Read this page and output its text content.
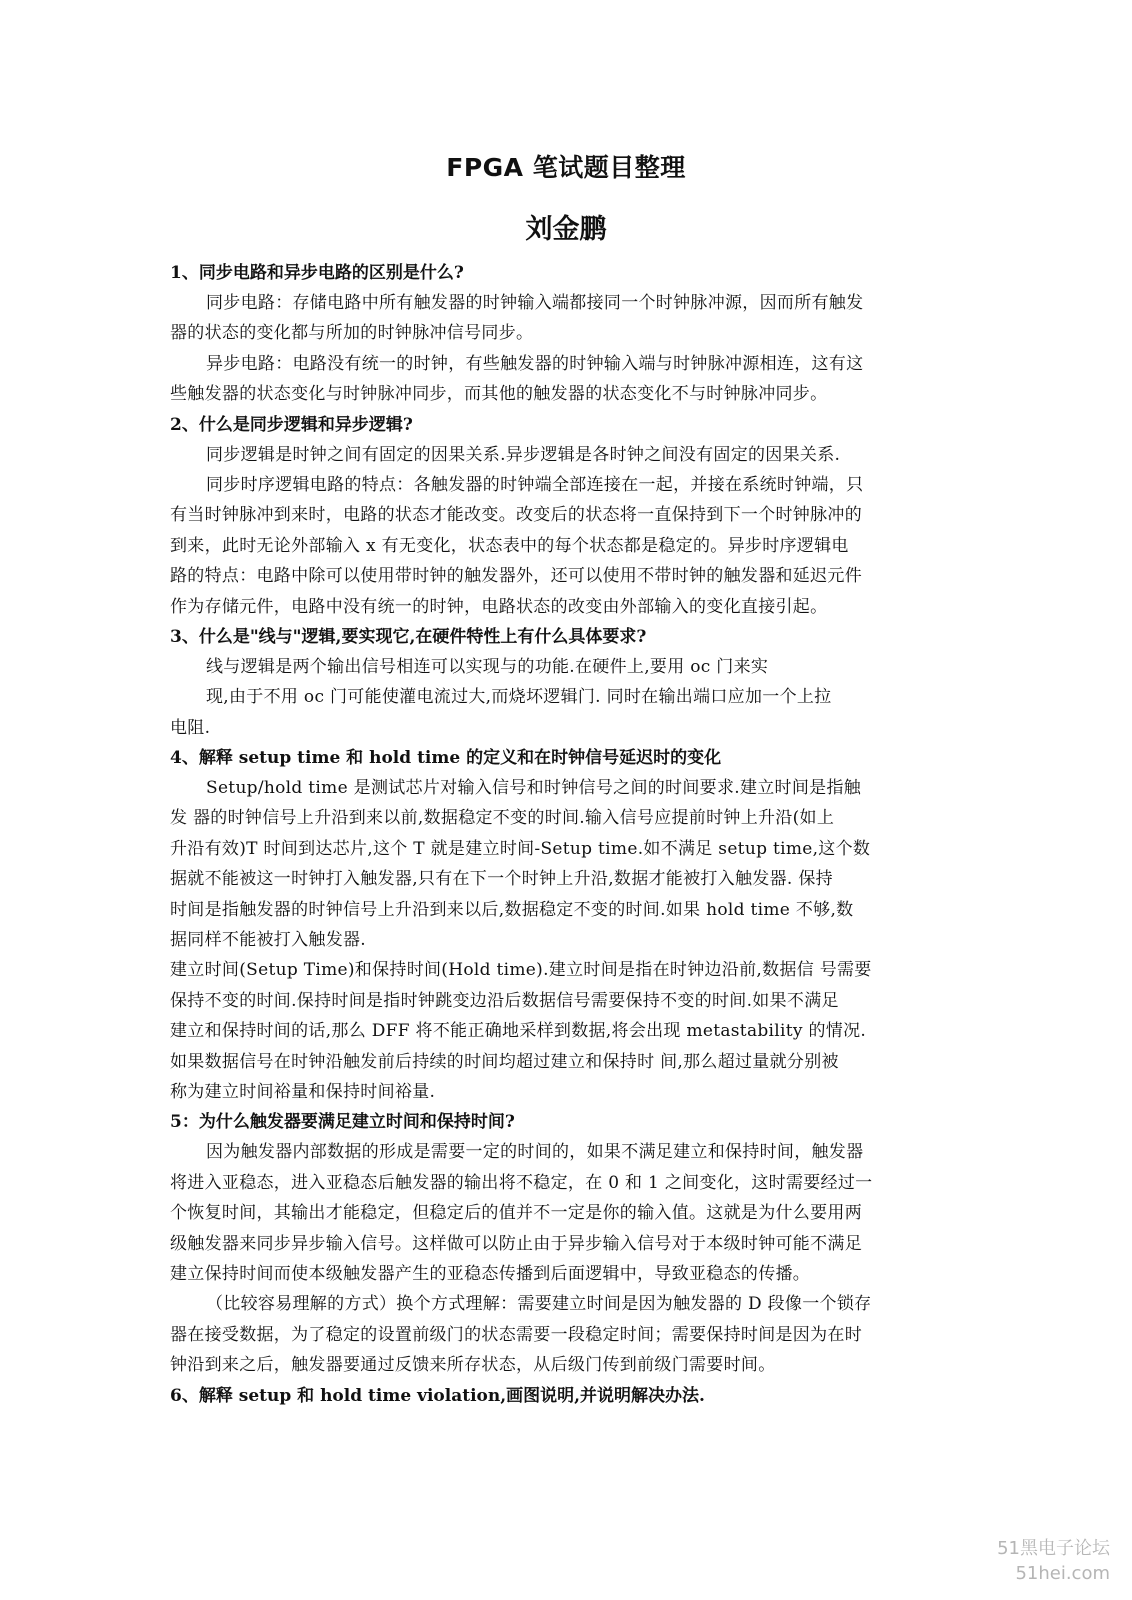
FPGA 笔试题目整理
刘金鹏
1、同步电路和异步电路的区别是什么?
同步电路：存储电路中所有触发器的时钟输入端都接同一个时钟脉冲源，因而所有触发
器的状态的变化都与所加的时钟脉冲信号同步。
异步电路：电路没有统一的时钟，有些触发器的时钟输入端与时钟脉冲源相连，这有这
些触发器的状态变化与时钟脉冲同步，而其他的触发器的状态变化不与时钟脉冲同步。
2、什么是同步逻辑和异步逻辑?
同步逻辑是时钟之间有固定的因果关系.异步逻辑是各时钟之间没有固定的因果关系.
同步时序逻辑电路的特点：各触发器的时钟端全部连接在一起，并接在系统时钟端，只
有当时钟脉冲到来时，电路的状态才能改变。改变后的状态将一直保持到下一个时钟脉冲的
到来，此时无论外部输入 x 有无变化，状态表中的每个状态都是稳定的。异步时序逻辑电
路的特点：电路中除可以使用带时钟的触发器外，还可以使用不带时钟的触发器和延迟元件
作为存储元件，电路中没有统一的时钟，电路状态的改变由外部输入的变化直接引起。
3、什么是"线与"逻辑,要实现它,在硬件特性上有什么具体要求?
线与逻辑是两个输出信号相连可以实现与的功能.在硬件上,要用 oc 门来实
现,由于不用 oc 门可能使灌电流过大,而烧坏逻辑门. 同时在输出端口应加一个上拉
电阻.
4、解释 setup time 和 hold time 的定义和在时钟信号延迟时的变化
Setup/hold time 是测试芯片对输入信号和时钟信号之间的时间要求.建立时间是指触
发 器的时钟信号上升沿到来以前,数据稳定不变的时间.输入信号应提前时钟上升沿(如上
升沿有效)T 时间到达芯片,这个 T 就是建立时间-Setup time.如不满足 setup time,这个数
据就不能被这一时钟打入触发器,只有在下一个时钟上升沿,数据才能被打入触发器. 保持
时间是指触发器的时钟信号上升沿到来以后,数据稳定不变的时间.如果 hold time 不够,数
据同样不能被打入触发器.
建立时间(Setup Time)和保持时间(Hold time).建立时间是指在时钟边沿前,数据信 号需要
保持不变的时间.保持时间是指时钟跳变边沿后数据信号需要保持不变的时间.如果不满足
建立和保持时间的话,那么 DFF 将不能正确地采样到数据,将会出现 metastability 的情况.
如果数据信号在时钟沿触发前后持续的时间均超过建立和保持时 间,那么超过量就分别被
称为建立时间裕量和保持时间裕量.
5：为什么触发器要满足建立时间和保持时间?
因为触发器内部数据的形成是需要一定的时间的，如果不满足建立和保持时间，触发器
将进入亚稳态，进入亚稳态后触发器的输出将不稳定，在 0 和 1 之间变化，这时需要经过一
个恢复时间，其输出才能稳定，但稳定后的值并不一定是你的输入值。这就是为什么要用两
级触发器来同步异步输入信号。这样做可以防止由于异步输入信号对于本级时钟可能不满足
建立保持时间而使本级触发器产生的亚稳态传播到后面逻辑中，导致亚稳态的传播。
（比较容易理解的方式）换个方式理解：需要建立时间是因为触发器的 D 段像一个锁存
器在接受数据，为了稳定的设置前级门的状态需要一段稳定时间；需要保持时间是因为在时
钟沿到来之后，触发器要通过反馈来所存状态，从后级门传到前级门需要时间。
6、解释 setup 和 hold time violation,画图说明,并说明解决办法.
51黑电子论坛
51hei.com
